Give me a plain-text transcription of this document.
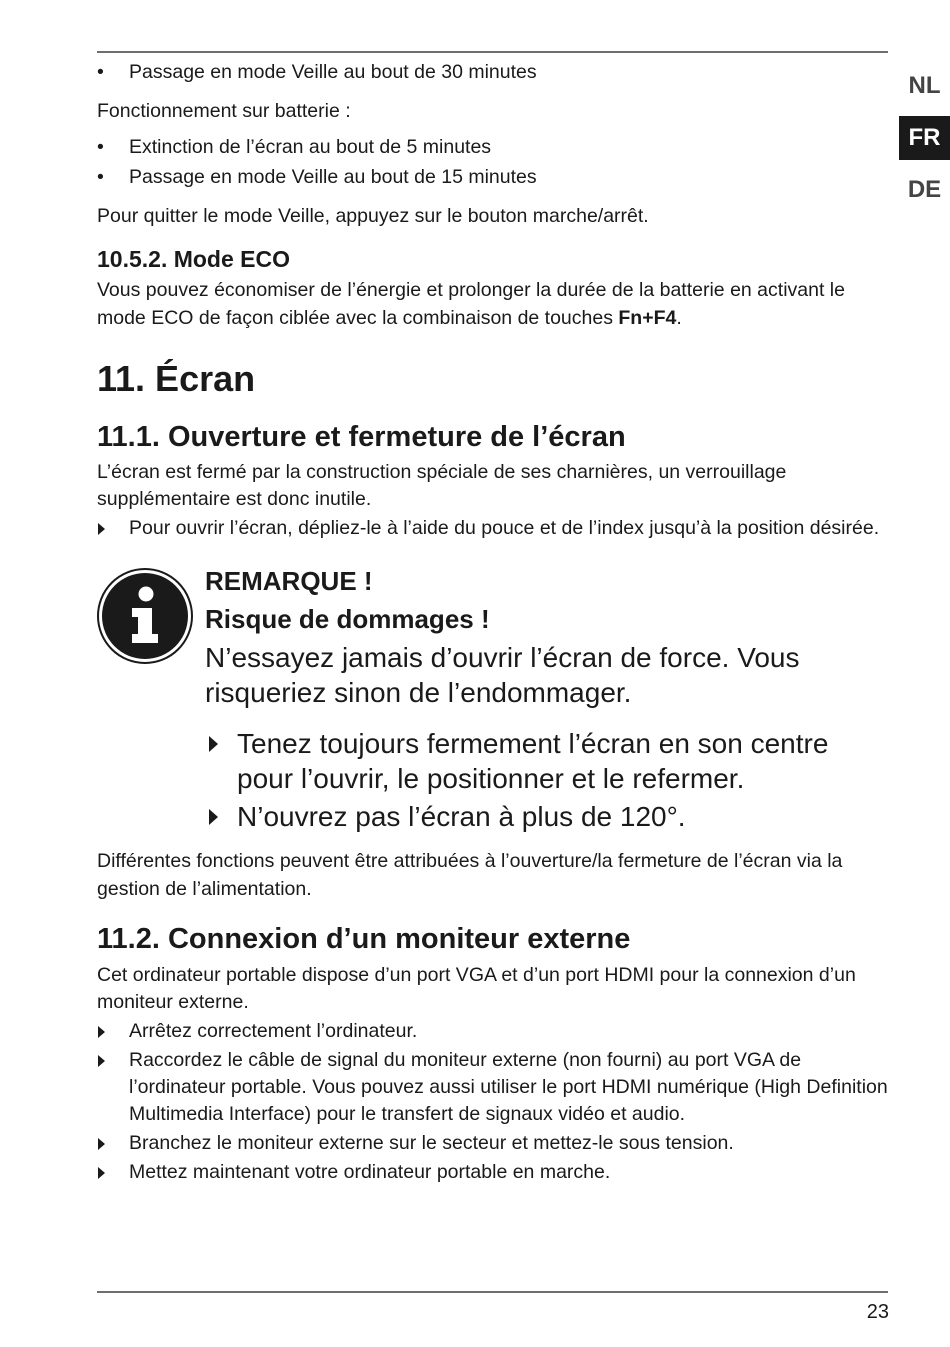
NL
FR
DE
• Passage en mode Veille au bout de 30 minutes

Fonctionnement sur batterie :

• Extinction de l’écran au bout de 5 minutes
• Passage en mode Veille au bout de 15 minutes

Pour quitter le mode Veille, appuyez sur le bouton marche/arrêt.

10.5.2. Mode ECO

Vous pouvez économiser de l’énergie et prolonger la durée de la batterie en activant le mode ECO de façon ciblée avec la combinaison de touches Fn+F4.

11. Écran
11.1. Ouverture et fermeture de l’écran

L’écran est fermé par la construction spéciale de ses charnières, un verrouillage supplémentaire est donc inutile.

Pour ouvrir l’écran, dépliez-le à l’aide du pouce et de l’index jusqu’à la position désirée.
REMARQUE !
Risque de dommages !
N’essayez jamais d’ouvrir l’écran de force. Vous risqueriez sinon de l’endommager.
Tenez toujours fermement l’écran en son centre pour l’ouvrir, le positionner et le refermer.
N’ouvrez pas l’écran à plus de 120°.

Différentes fonctions peuvent être attribuées à l’ouverture/la fermeture de l’écran via la gestion de l’alimentation.

11.2. Connexion d’un moniteur externe

Cet ordinateur portable dispose d’un port VGA et d’un port HDMI pour la connexion d’un moniteur externe.

Arrêtez correctement l’ordinateur.
Raccordez le câble de signal du moniteur externe (non fourni) au port VGA de l’ordinateur portable. Vous pouvez aussi utiliser le port HDMI numérique (High Definition Multimedia Interface) pour le transfert de signaux vidéo et audio.
Branchez le moniteur externe sur le secteur et mettez-le sous tension.
Mettez maintenant votre ordinateur portable en marche.
23
